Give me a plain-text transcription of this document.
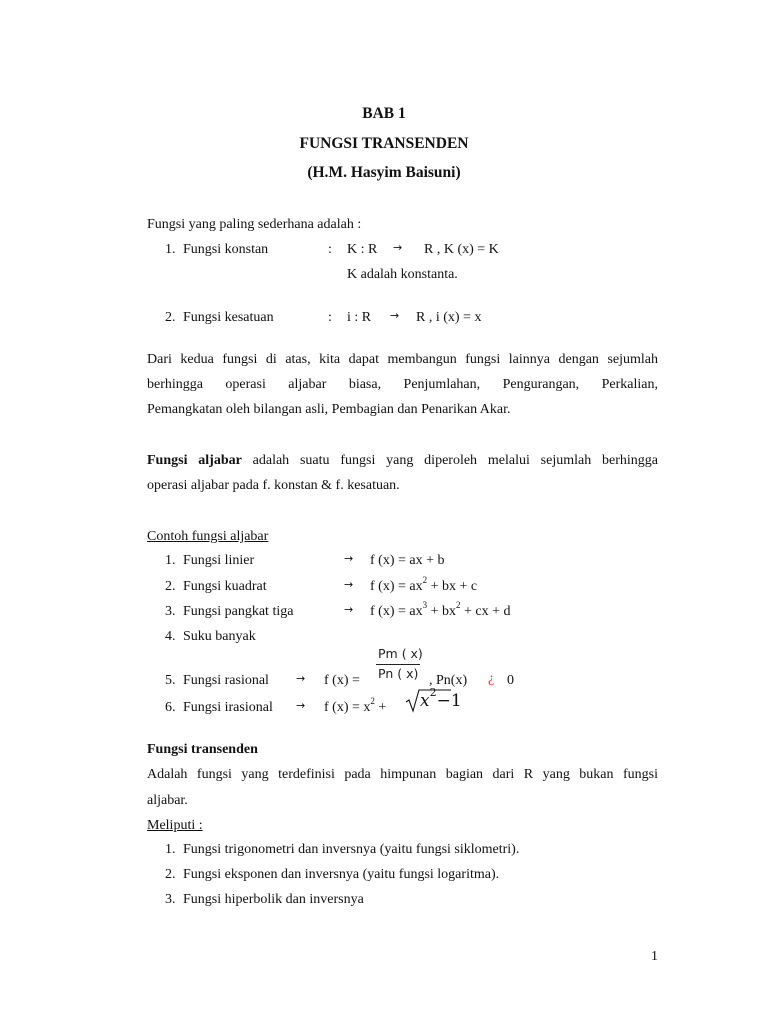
BAB 1
FUNGSI TRANSENDEN
(H.M. Hasyim Baisuni)
Fungsi yang paling sederhana adalah :
1. Fungsi konstan	: K : R → R , K (x) = K
K adalah konstanta.
2. Fungsi kesatuan	: i : R → R , i (x) = x
Dari kedua fungsi di atas, kita dapat membangun fungsi lainnya dengan sejumlah
berhingga operasi aljabar biasa, Penjumlahan, Pengurangan, Perkalian,
Pemangkatan oleh bilangan asli, Pembagian dan Penarikan Akar.
Fungsi aljabar adalah suatu fungsi yang diperoleh melalui sejumlah berhingga
operasi aljabar pada f. konstan & f. kesatuan.
Contoh fungsi aljabar
1. Fungsi linier	→ f (x) = ax + b
2. Fungsi kuadrat	→ f $(x) = ax^2$ + bx + c
3. Fungsi pangkat tiga	→ f $(x) = ax^3 + bx^2$ + cx + d
4. Suku banyak
5. Fungsi rasional → f (x) =
Pm ( x)
Pn ( x) , Pn(x) ¿ 0
6. Fungsi irasional → f $(x) = x^2 + x^2-1$
Fungsi transenden
Adalah fungsi yang terdefinisi pada himpunan bagian dari R yang bukan fungsi
aljabar.
Meliputi :
1. Fungsi trigonometri dan inversnya (yaitu fungsi siklometri).
2. Fungsi eksponen dan inversnya (yaitu fungsi logaritma).
3. Fungsi hiperbolik dan inversnya
1
